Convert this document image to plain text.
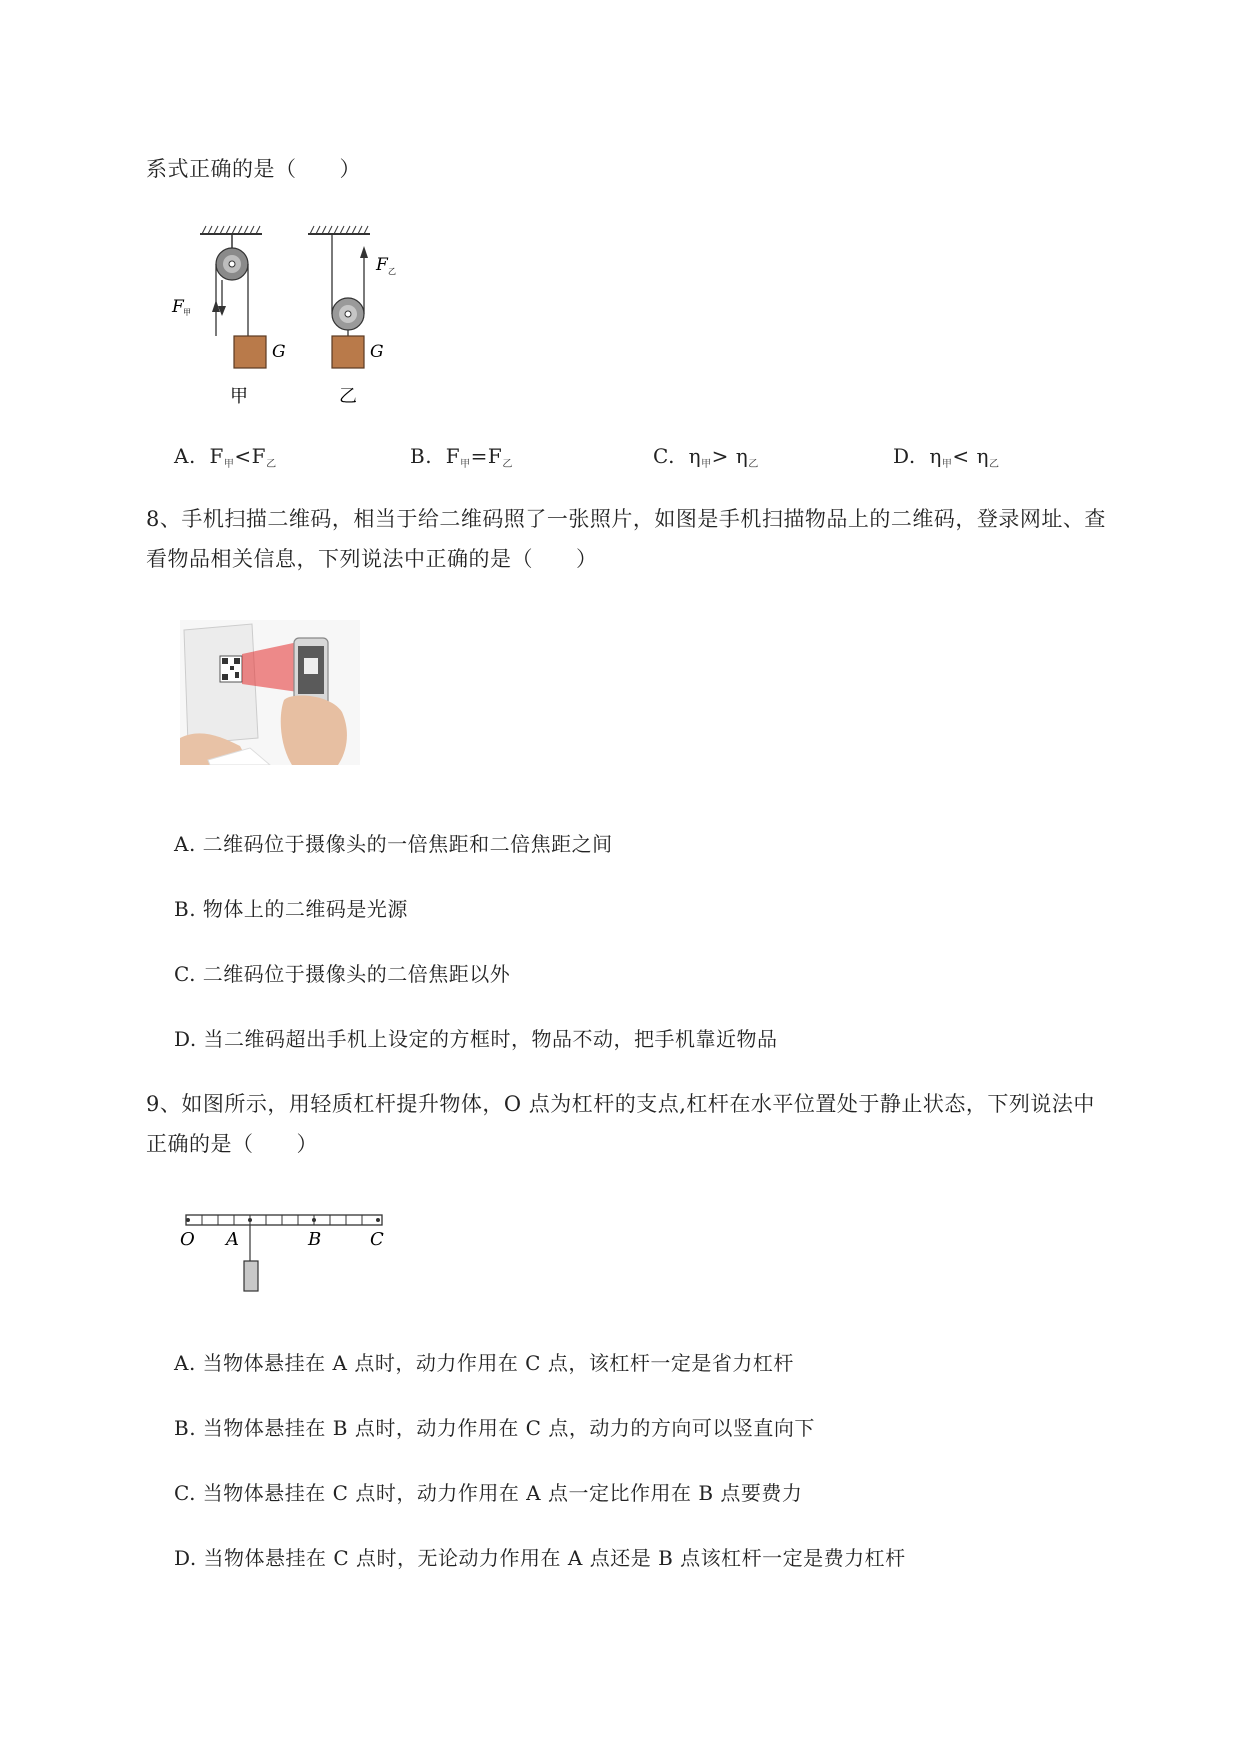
系式正确的是（　　）
F 甲
G
甲
F 乙
G
乙
A. $F_甲<F_乙$	B. $F_甲=F_乙$	C. $\eta_甲> \eta_乙$	D. $\eta_甲< \eta_乙$
8、手机扫描二维码，相当于给二维码照了一张照片，如图是手机扫描物品上的二维码，登录网址、查
看物品相关信息，下列说法中正确的是（　　）
A. 二维码位于摄像头的一倍焦距和二倍焦距之间
B. 物体上的二维码是光源
C. 二维码位于摄像头的二倍焦距以外
D. 当二维码超出手机上设定的方框时，物品不动，把手机靠近物品
9、如图所示，用轻质杠杆提升物体，O 点为杠杆的支点,杠杆在水平位置处于静止状态，下列说法中
正确的是（　　）
O A	B	C
A. 当物体悬挂在 A 点时，动力作用在 C 点，该杠杆一定是省力杠杆
B. 当物体悬挂在 B 点时，动力作用在 C 点，动力的方向可以竖直向下
C. 当物体悬挂在 C 点时，动力作用在 A 点一定比作用在 B 点要费力
D. 当物体悬挂在 C 点时，无论动力作用在 A 点还是 B 点该杠杆一定是费力杠杆
